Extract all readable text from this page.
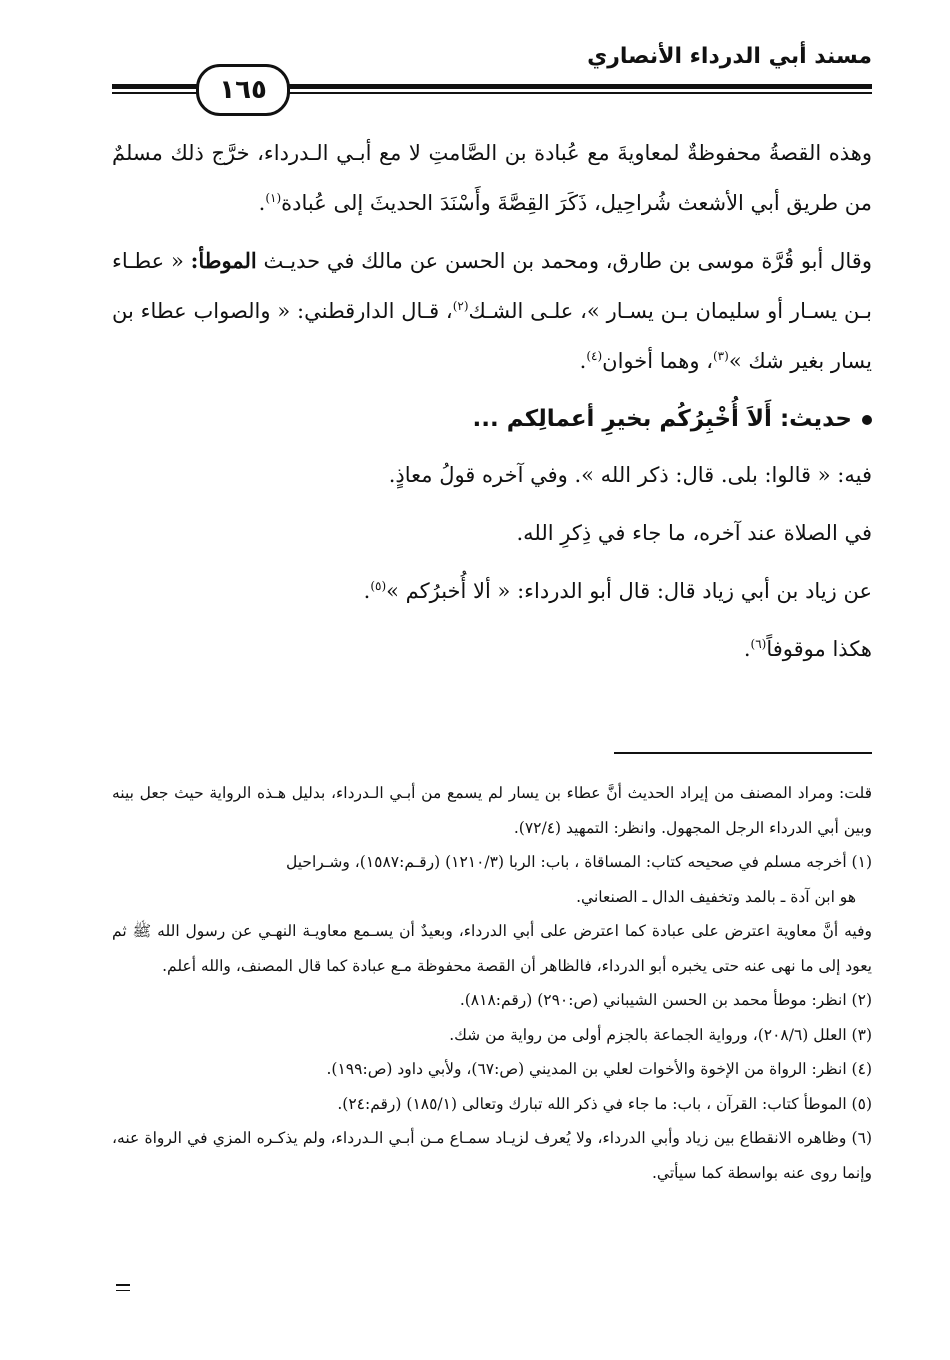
مسند أبي الدرداء الأنصاري
١٦٥

وهذه القصةُ محفوظةٌ لمعاويةَ مع عُبادة بن الصَّامتِ لا مع أبـي الـدرداء، خرَّج ذلك مسلمٌ من طريق أبي الأشعث شُراحِيل، ذَكَرَ القِصَّةَ وأَسْنَدَ الحديثَ إلى عُبادة$^{(١)}$.

وقال أبو قُرَّة موسى بن طارق، ومحمد بن الحسن عن مالك في حديـث الموطأ: « عطـاء بـن يسـار أو سليمان بـن يسـار »، علـى الشـك$^{(٢)}$، قـال الدارقطني: « والصواب عطاء بن يسار بغير شك »$^{(٣)}$، وهما أخوان$^{(٤)}$.

حديث: أَلاَ أُخْبِرُكُم بخيرِ أعمالِكم ...

فيه: « قالوا: بلى. قال: ذكر الله ». وفي آخره قولُ معاذٍ.

في الصلاة عند آخره، ما جاء في ذِكرِ الله.

عن زياد بن أبي زياد قال: قال أبو الدرداء: « ألا أُخبرُكم »$^{(٥)}$.

هكذا موقوفاً$^{(٦)}$.

قلت: ومراد المصنف من إيراد الحديث أنَّ عطاء بن يسار لم يسمع من أبـي الـدرداء، بدليل هـذه الرواية حيث جعل بينه وبين أبي الدرداء الرجل المجهول. وانظر: التمهيد (٧٢/٤).

(١) أخرجه مسلم في صحيحه كتاب: المساقاة ، باب: الربا (١٢١٠/٣) (رقـم:١٥٨٧)، وشـراحيل

هو ابن آدة ـ بالمد وتخفيف الدال ـ الصنعاني.

وفيه أنَّ معاوية اعترض على عبادة كما اعترض على أبي الدرداء، وبعيدٌ أن يسـمع معاويـة النهـي عن رسول الله ﷺ ثم يعود إلى ما نهى عنه حتى يخبره أبو الدرداء، فالظاهر أن القصة محفوظة مـع عبادة كما قال المصنف، والله أعلم.

(٢) انظر: موطأ محمد بن الحسن الشيباني (ص:٢٩٠) (رقم:٨١٨).

(٣) العلل (٢٠٨/٦)، ورواية الجماعة بالجزم أولى من رواية من شك.

(٤) انظر: الرواة من الإخوة والأخوات لعلي بن المديني (ص:٦٧)، ولأبي داود (ص:١٩٩).

(٥) الموطأ كتاب: القرآن ، باب: ما جاء في ذكر الله تبارك وتعالى (١٨٥/١) (رقم:٢٤).

(٦) وظاهره الانقطاع بين زياد وأبي الدرداء، ولا يُعرف لزيـاد سمـاع مـن أبـي الـدرداء، ولم يذكـره المزي في الرواة عنه، وإنما روى عنه بواسطة كما سيأتي.
